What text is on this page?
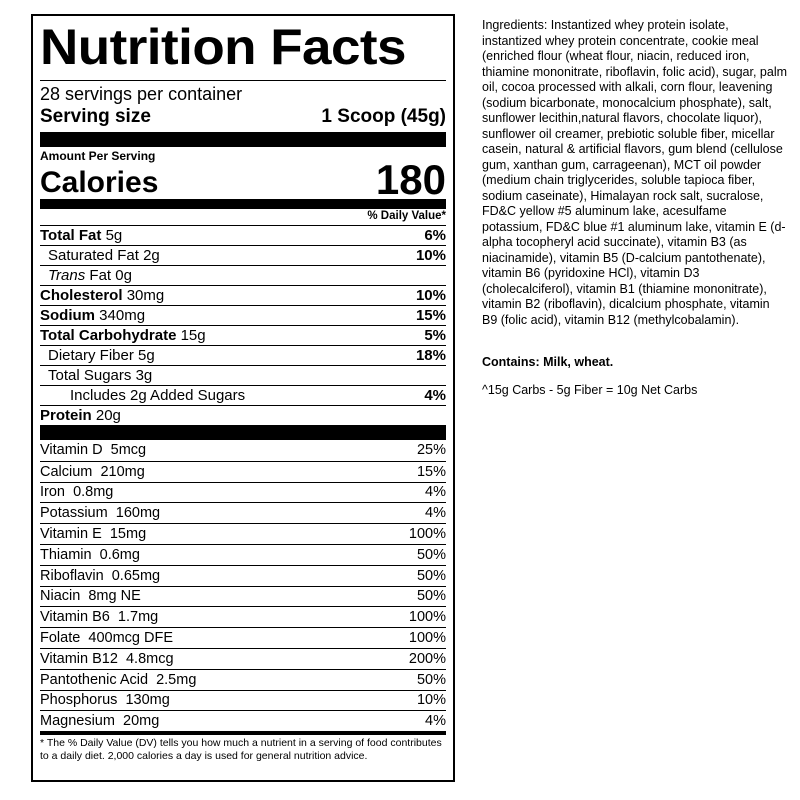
Nutrition Facts
28 servings per container
Serving size	1 Scoop (45g)
Amount Per Serving
Calories	180
% Daily Value*
Total Fat 5g	6%
Saturated Fat 2g	10%
Trans Fat 0g
Cholesterol 30mg	10%
Sodium 340mg	15%
Total Carbohydrate 15g	5%
Dietary Fiber 5g	18%
Total Sugars 3g
Includes 2g Added Sugars	4%
Protein 20g
Vitamin D 5mcg	25%
Calcium 210mg	15%
Iron 0.8mg	4%
Potassium 160mg	4%
Vitamin E 15mg	100%
Thiamin 0.6mg	50%
Riboflavin 0.65mg	50%
Niacin 8mg NE	50%
Vitamin B6 1.7mg	100%
Folate 400mcg DFE	100%
Vitamin B12 4.8mcg	200%
Pantothenic Acid 2.5mg	50%
Phosphorus 130mg	10%
Magnesium 20mg	4%
* The % Daily Value (DV) tells you how much a nutrient in a serving of food contributes to a daily diet. 2,000 calories a day is used for general nutrition advice.
Ingredients: Instantized whey protein isolate, instantized whey protein concentrate, cookie meal (enriched flour (wheat flour, niacin, reduced iron, thiamine mononitrate, riboflavin, folic acid), sugar, palm oil, cocoa processed with alkali, corn flour, leavening (sodium bicarbonate, monocalcium phosphate), salt, sunflower lecithin,natural flavors, chocolate liquor), sunflower oil creamer, prebiotic soluble fiber, micellar casein, natural & artificial flavors, gum blend (cellulose gum, xanthan gum, carrageenan), MCT oil powder (medium chain triglycerides, soluble tapioca fiber, sodium caseinate), Himalayan rock salt, sucralose, FD&C yellow #5 aluminum lake, acesulfame potassium, FD&C blue #1 aluminum lake, vitamin E (d-alpha tocopheryl acid succinate), vitamin B3 (as niacinamide), vitamin B5 (D-calcium pantothenate), vitamin B6 (pyridoxine HCl), vitamin D3 (cholecalciferol), vitamin B1 (thiamine mononitrate), vitamin B2 (riboflavin), dicalcium phosphate, vitamin B9 (folic acid), vitamin B12 (methylcobalamin).
Contains: Milk, wheat.
^15g Carbs - 5g Fiber = 10g Net Carbs
